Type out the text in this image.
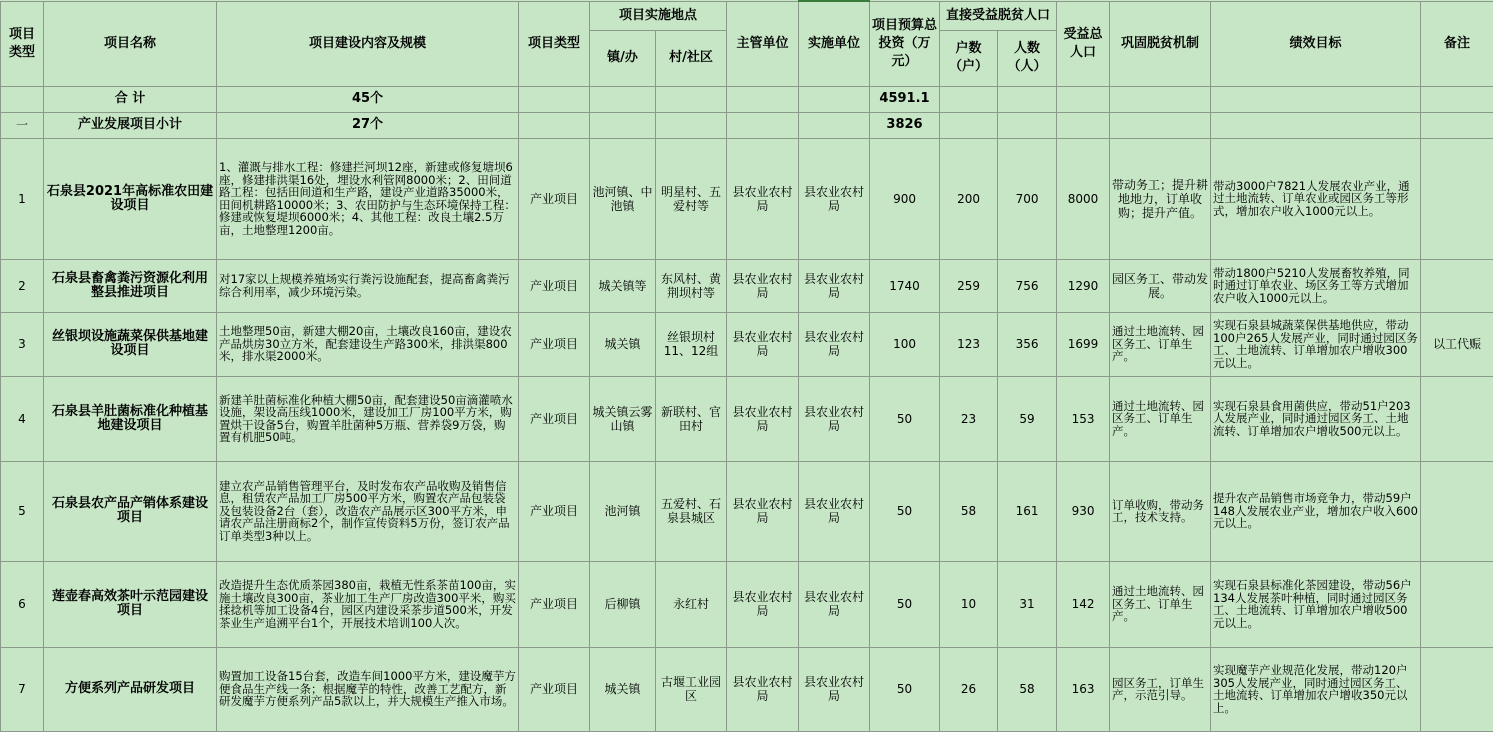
项目类型	项目名称	项目建设内容及规模	项目类型	项目实施地点		主管单位	实施单位	项目预算总投资（万元）	直接受益脱贫人口		受益总人口	巩固脱贫机制	绩效目标	备注
				镇/办	村/社区				户数（户）	人数（人）				

	合 计	45个						4591.1						
一	产业发展项目小计	27个						3826						
1	石泉县2021年高标准农田建设项目	1、灌溉与排水工程：修建拦河坝12座，新建或修复塘坝6座，修建排洪渠16处，埋设水利管网8000米；2、田间道路工程：包括田间道和生产路，建设产业道路35000米，田间机耕路10000米；3、农田防护与生态环境保持工程：修建或恢复堤坝6000米；4、其他工程：改良土壤2.5万亩，土地整理1200亩。	产业项目	池河镇、中池镇	明星村、五爱村等	县农业农村局	县农业农村局	900	200	700	8000	带动务工；提升耕地地力，订单收购；提升产值。	带动3000户7821人发展农业产业，通过土地流转、订单农业或园区务工等形式，增加农户收入1000元以上。	
2	石泉县畜禽粪污资源化利用整县推进项目	对17家以上规模养殖场实行粪污设施配套，提高畜禽粪污综合利用率，减少环境污染。	产业项目	城关镇等	东风村、黄荆坝村等	县农业农村局	县农业农村局	1740	259	756	1290	园区务工、带动发展。	带动1800户5210人发展畜牧养殖，同时通过订单农业、场区务工等方式增加农户收入1000元以上。	
3	丝银坝设施蔬菜保供基地建设项目	土地整理50亩，新建大棚20亩，土壤改良160亩，建设农产品烘房30立方米，配套建设生产路300米，排洪渠800米，排水渠2000米。	产业项目	城关镇	丝银坝村11、12组	县农业农村局	县农业农村局	100	123	356	1699	通过土地流转、园区务工、订单生产。	实现石泉县城蔬菜保供基地供应，带动100户265人发展产业，同时通过园区务工、土地流转、订单增加农户增收300元以上。	以工代赈
4	石泉县羊肚菌标准化种植基地建设项目	新建羊肚菌标准化种植大棚50亩，配套建设50亩滴灌喷水设施，架设高压线1000米，建设加工厂房100平方米，购置烘干设备5台，购置羊肚菌种5万瓶、营养袋9万袋，购置有机肥50吨。	产业项目	城关镇云雾山镇	新联村、官田村	县农业农村局	县农业农村局	50	23	59	153	通过土地流转、园区务工、订单生产。	实现石泉县食用菌供应，带动51户203人发展产业，同时通过园区务工、土地流转、订单增加农户增收500元以上。	
5	石泉县农产品产销体系建设项目	建立农产品销售管理平台，及时发布农产品收购及销售信息，租赁农产品加工厂房500平方米，购置农产品包装袋及包装设备2台（套），改造农产品展示区300平方米，申请农产品注册商标2个，制作宣传资料5万份，签订农产品订单类型3种以上。	产业项目	池河镇	五爱村、石泉县城区	县农业农村局	县农业农村局	50	58	161	930	订单收购，带动务工，技术支持。	提升农产品销售市场竞争力，带动59户148人发展农业产业，增加农户收入600元以上。	
6	莲壶春高效茶叶示范园建设项目	改造提升生态优质茶园380亩，栽植无性系茶苗100亩，实施土壤改良300亩，茶业加工生产厂房改造300平米，购买揉捻机等加工设备4台，园区内建设采茶步道500米，开发茶业生产追溯平台1个，开展技术培训100人次。	产业项目	后柳镇	永红村	县农业农村局	县农业农村局	50	10	31	142	通过土地流转、园区务工、订单生产。	实现石泉县标准化茶园建设，带动56户134人发展茶叶种植，同时通过园区务工、土地流转、订单增加农户增收500元以上。	
7	方便系列产品研发项目	购置加工设备15台套，改造车间1000平方米，建设魔芋方便食品生产线一条；根据魔芋的特性，改善工艺配方，新研发魔芋方便系列产品5款以上，并大规模生产推入市场。	产业项目	城关镇	古堰工业园区	县农业农村局	县农业农村局	50	26	58	163	园区务工，订单生产，示范引导。	实现魔芋产业规范化发展，带动120户305人发展产业，同时通过园区务工、土地流转、订单增加农户增收350元以上。	
